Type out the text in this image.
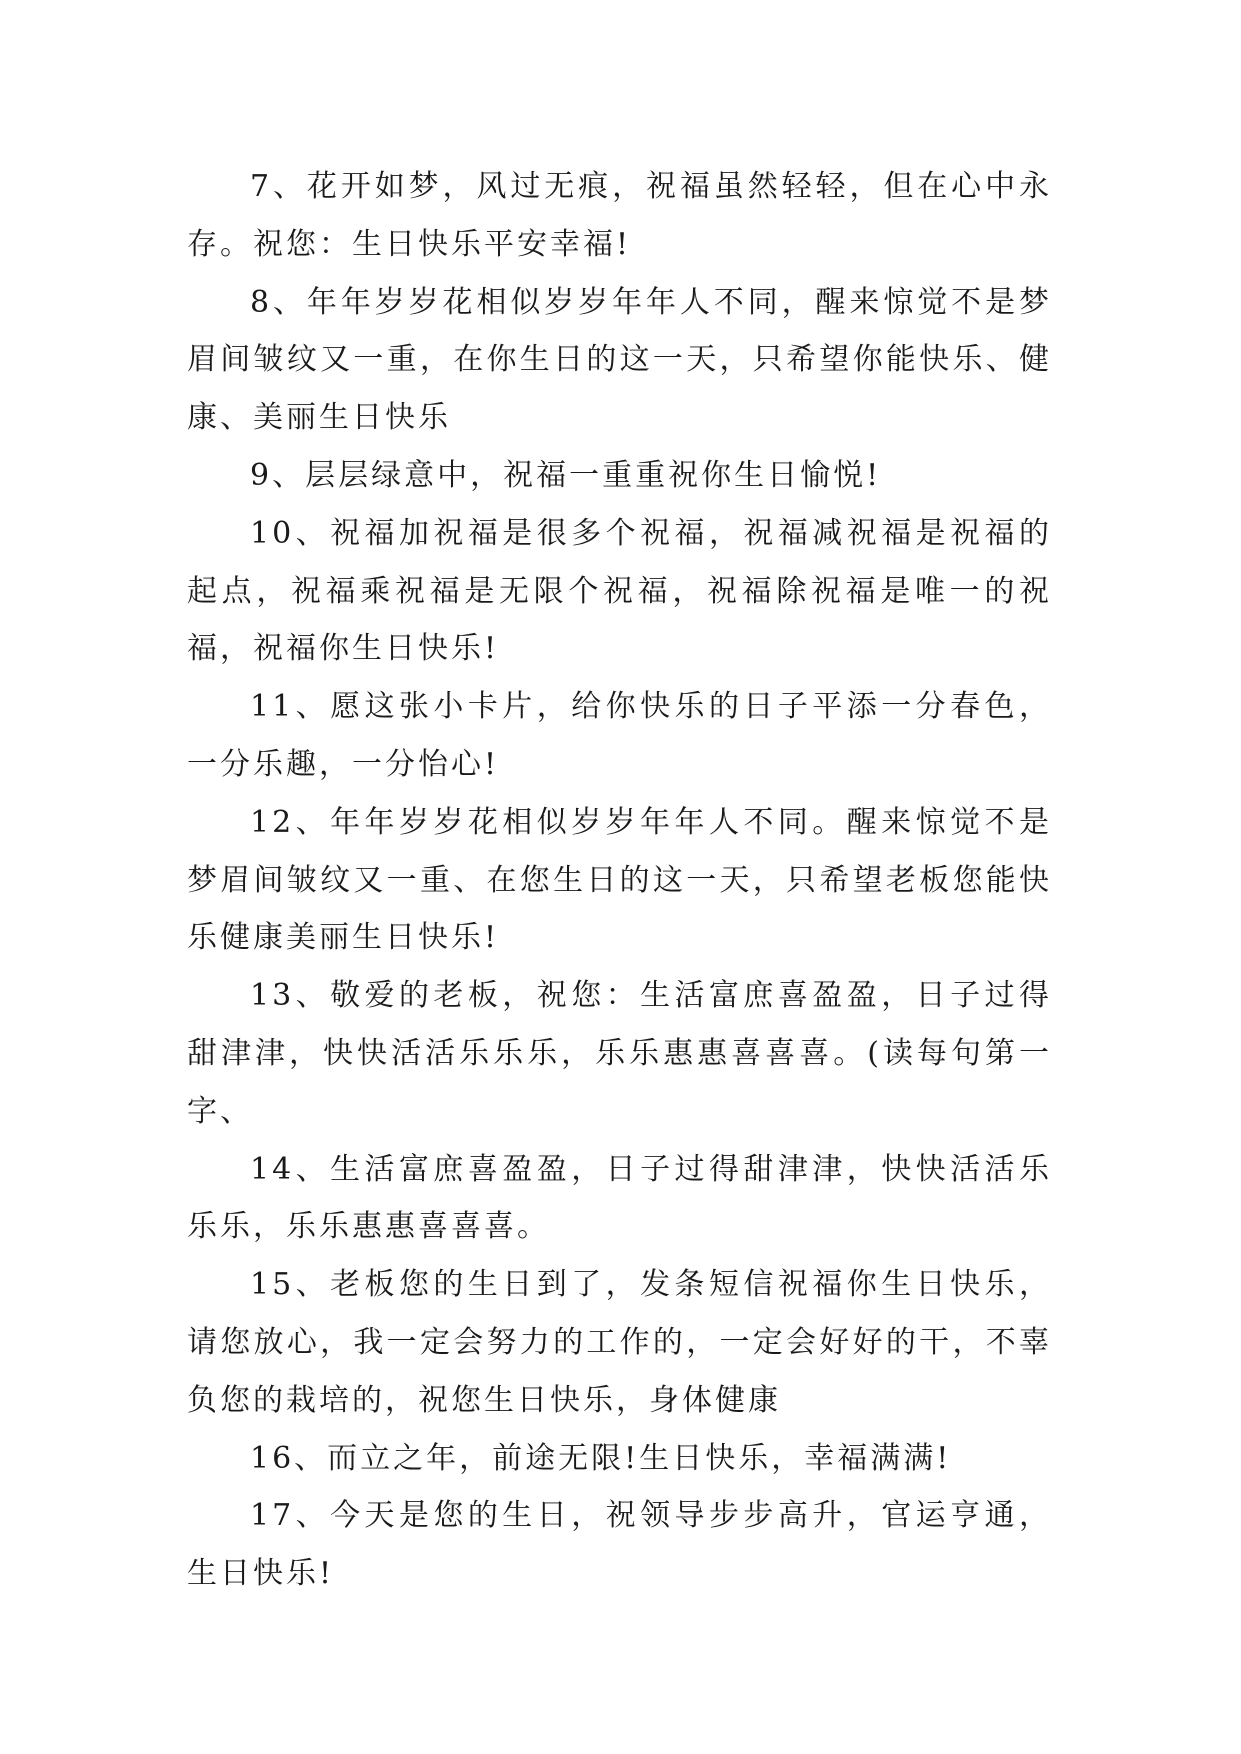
7、花开如梦，风过无痕，祝福虽然轻轻，但在心中永存。祝您：生日快乐平安幸福!

8、年年岁岁花相似岁岁年年人不同，醒来惊觉不是梦眉间皱纹又一重，在你生日的这一天，只希望你能快乐、健康、美丽生日快乐

9、层层绿意中，祝福一重重祝你生日愉悦!

10、祝福加祝福是很多个祝福，祝福减祝福是祝福的起点，祝福乘祝福是无限个祝福，祝福除祝福是唯一的祝福，祝福你生日快乐!

11、愿这张小卡片，给你快乐的日子平添一分春色，一分乐趣，一分怡心!

12、年年岁岁花相似岁岁年年人不同。醒来惊觉不是梦眉间皱纹又一重、在您生日的这一天，只希望老板您能快乐健康美丽生日快乐!

13、敬爱的老板，祝您：生活富庶喜盈盈，日子过得甜津津，快快活活乐乐乐，乐乐惠惠喜喜喜。(读每句第一字、

14、生活富庶喜盈盈，日子过得甜津津，快快活活乐乐乐，乐乐惠惠喜喜喜。

15、老板您的生日到了，发条短信祝福你生日快乐，请您放心，我一定会努力的工作的，一定会好好的干，不辜负您的栽培的，祝您生日快乐，身体健康

16、而立之年，前途无限!生日快乐，幸福满满!

17、今天是您的生日，祝领导步步高升，官运亨通，生日快乐!
